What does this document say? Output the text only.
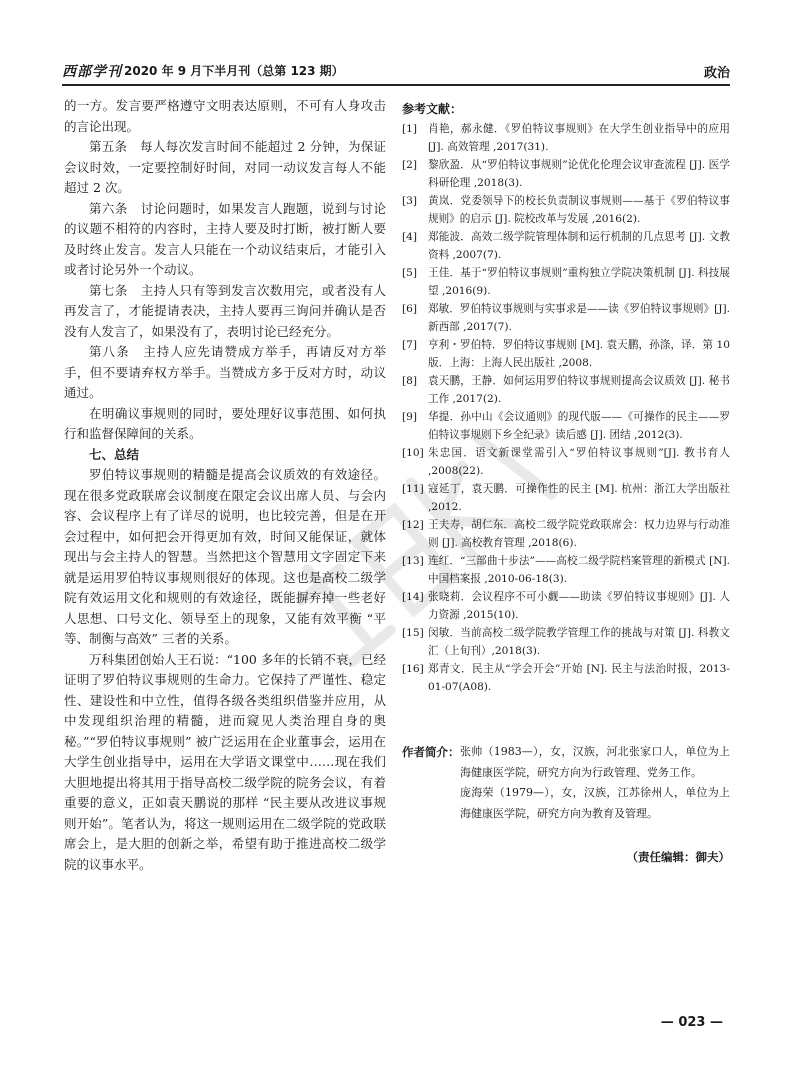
西部学刊 2020 年 9 月下半月刊（总第 123 期）	政治

的一方。发言要严格遵守文明表达原则，不可有人身攻击的言论出现。

第五条　每人每次发言时间不能超过 2 分钟，为保证会议时效，一定要控制好时间，对同一动议发言每人不能超过 2 次。

第六条　讨论问题时，如果发言人跑题，说到与讨论的议题不相符的内容时，主持人要及时打断，被打断人要及时终止发言。发言人只能在一个动议结束后，才能引入或者讨论另外一个动议。

第七条　主持人只有等到发言次数用完，或者没有人再发言了，才能提请表决，主持人要再三询问并确认是否没有人发言了，如果没有了，表明讨论已经充分。

第八条　主持人应先请赞成方举手，再请反对方举手，但不要请弃权方举手。当赞成方多于反对方时，动议通过。

在明确议事规则的同时，要处理好议事范围、如何执行和监督保障间的关系。

七、总结

罗伯特议事规则的精髓是提高会议质效的有效途径。现在很多党政联席会议制度在限定会议出席人员、与会内容、会议程序上有了详尽的说明，也比较完善，但是在开会过程中，如何把会开得更加有效，时间又能保证，就体现出与会主持人的智慧。当然把这个智慧用文字固定下来就是运用罗伯特议事规则很好的体现。这也是高校二级学院有效运用文化和规则的有效途径，既能摒弃掉一些老好人思想、口号文化、领导至上的现象，又能有效平衡 “平等、制衡与高效” 三者的关系。

万科集团创始人王石说：“100 多年的长销不衰，已经证明了罗伯特议事规则的生命力。它保持了严谨性、稳定性、建设性和中立性，值得各级各类组织借鉴并应用，从中发现组织治理的精髓，进而窥见人类治理自身的奥秘。”“罗伯特议事规则” 被广泛运用在企业董事会，运用在大学生创业指导中，运用在大学语文课堂中……现在我们大胆地提出将其用于指导高校二级学院的院务会议，有着重要的意义，正如袁天鹏说的那样 “民主要从改进议事规则开始”。笔者认为，将这一规则运用在二级学院的党政联席会上，是大胆的创新之举，希望有助于推进高校二级学院的议事水平。

参考文献：
[1]	肖艳，郝永健．《罗伯特议事规则》在大学生创业指导中的应用 [J]. 高效管理 ,2017(31).
[2]	黎欣盈．从“罗伯特议事规则”论优化伦理会议审查流程 [J]. 医学科研伦理 ,2018(3).
[3]	黄岚．党委领导下的校长负责制议事规则——基于《罗伯特议事规则》的启示 [J]. 院校改革与发展 ,2016(2).
[4]	郑能波．高效二级学院管理体制和运行机制的几点思考 [J]. 文教资料 ,2007(7).
[5]	王佳．基于“罗伯特议事规则”重构独立学院决策机制 [J]. 科技展望 ,2016(9).
[6]	郑敏．罗伯特议事规则与实事求是——读《罗伯特议事规则》[J]. 新西部 ,2017(7).
[7]	亨利・罗伯特．罗伯特议事规则 [M]. 袁天鹏，孙涤，译．第 10 版．上海：上海人民出版社 ,2008.
[8]	袁天鹏，王静．如何运用罗伯特议事规则提高会议质效 [J]. 秘书工作 ,2017(2).
[9]	华提．孙中山《会议通则》的现代版——《可操作的民主——罗伯特议事规则下乡全纪录》读后感 [J]. 团结 ,2012(3).
[10] 朱忠国．语文新课堂需引入“罗伯特议事规则”[J]. 教书育人 ,2008(22).
[11] 寇延丁，袁天鹏．可操作性的民主 [M]. 杭州：浙江大学出版社 ,2012.
[12] 王夫寿，胡仁东．高校二级学院党政联席会：权力边界与行动准则 [J]. 高校教育管理 ,2018(6).
[13] 连红．“三部曲十步法”——高校二级学院档案管理的新模式 [N]. 中国档案报 ,2010-06-18(3).
[14] 张晓莉．会议程序不可小觑——助读《罗伯特议事规则》[J]. 人力资源 ,2015(10).
[15] 闵敏．当前高校二级学院教学管理工作的挑战与对策 [J]. 科教文汇（上旬刊）,2018(3).
[16] 郑青文．民主从“学会开会”开始 [N]. 民主与法治时报，2013-01-07(A08).
作者简介： 张帅（1983—），女，汉族，河北张家口人，单位为上海健康医学院，研究方向为行政管理、党务工作。

庞海荣（1979—），女，汉族，江苏徐州人，单位为上海健康医学院，研究方向为教育及管理。

（责任编辑：御夫）
— 023 —
